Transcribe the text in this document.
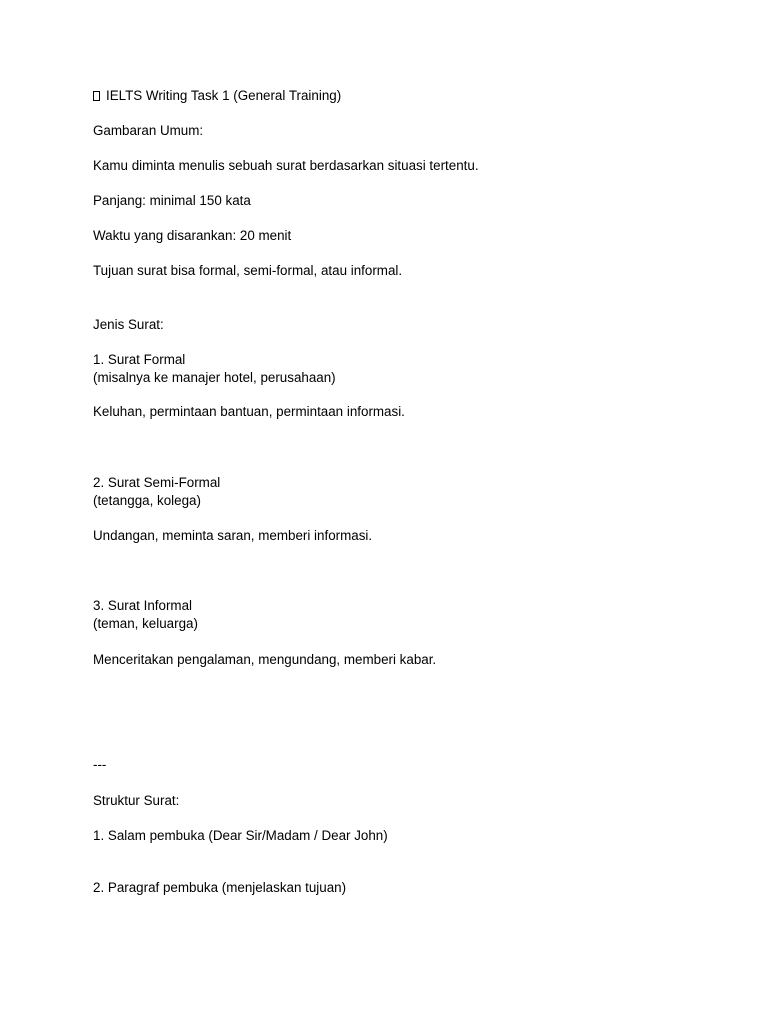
IELTS Writing Task 1 (General Training)
Gambaran Umum:
Kamu diminta menulis sebuah surat berdasarkan situasi tertentu.
Panjang: minimal 150 kata
Waktu yang disarankan: 20 menit
Tujuan surat bisa formal, semi-formal, atau informal.
Jenis Surat:
1. Surat Formal
(misalnya ke manajer hotel, perusahaan)
Keluhan, permintaan bantuan, permintaan informasi.
2. Surat Semi-Formal
(tetangga, kolega)
Undangan, meminta saran, memberi informasi.
3. Surat Informal
(teman, keluarga)
Menceritakan pengalaman, mengundang, memberi kabar.
---
Struktur Surat:
1. Salam pembuka (Dear Sir/Madam / Dear John)
2. Paragraf pembuka (menjelaskan tujuan)
